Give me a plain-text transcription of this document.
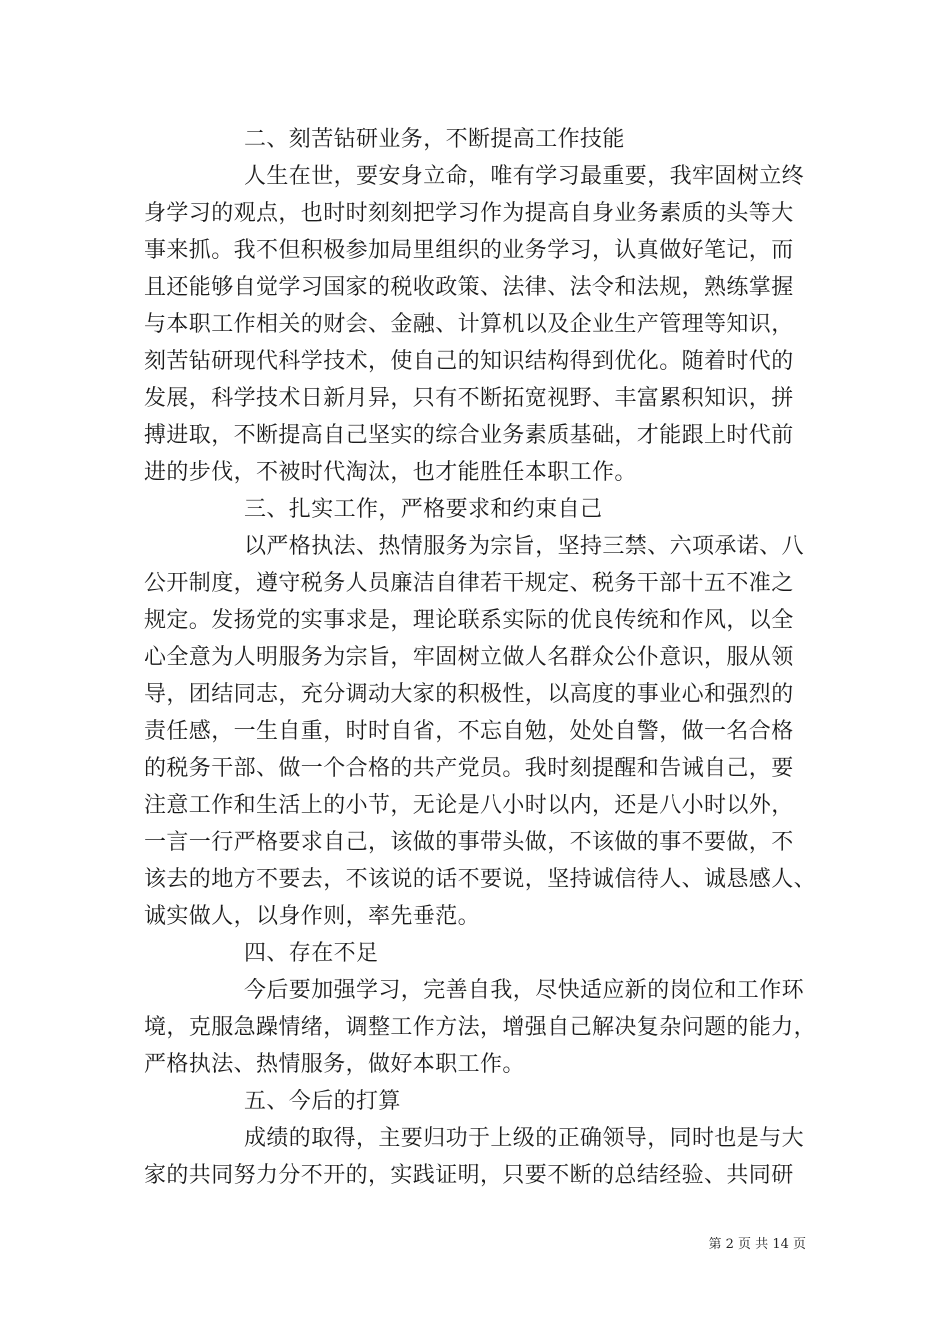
二、刻苦钻研业务，不断提高工作技能
人生在世，要安身立命，唯有学习最重要，我牢固树立终
身学习的观点，也时时刻刻把学习作为提高自身业务素质的头等大
事来抓。我不但积极参加局里组织的业务学习，认真做好笔记，而
且还能够自觉学习国家的税收政策、法律、法令和法规，熟练掌握
与本职工作相关的财会、金融、计算机以及企业生产管理等知识，
刻苦钻研现代科学技术，使自己的知识结构得到优化。随着时代的
发展，科学技术日新月异，只有不断拓宽视野、丰富累积知识，拼
搏进取，不断提高自己坚实的综合业务素质基础，才能跟上时代前
进的步伐，不被时代淘汰，也才能胜任本职工作。
三、扎实工作，严格要求和约束自己
以严格执法、热情服务为宗旨，坚持三禁、六项承诺、八
公开制度，遵守税务人员廉洁自律若干规定、税务干部十五不准之
规定。发扬党的实事求是，理论联系实际的优良传统和作风，以全
心全意为人明服务为宗旨，牢固树立做人名群众公仆意识，服从领
导，团结同志，充分调动大家的积极性，以高度的事业心和强烈的
责任感，一生自重，时时自省，不忘自勉，处处自警，做一名合格
的税务干部、做一个合格的共产党员。我时刻提醒和告诫自己，要
注意工作和生活上的小节，无论是八小时以内，还是八小时以外，
一言一行严格要求自己，该做的事带头做，不该做的事不要做，不
该去的地方不要去，不该说的话不要说，坚持诚信待人、诚恳感人、
诚实做人，以身作则，率先垂范。
四、存在不足
今后要加强学习，完善自我，尽快适应新的岗位和工作环
境，克服急躁情绪，调整工作方法，增强自己解决复杂问题的能力，
严格执法、热情服务，做好本职工作。
五、今后的打算
成绩的取得，主要归功于上级的正确领导，同时也是与大
家的共同努力分不开的，实践证明，只要不断的总结经验、共同研
第 2 页 共 14 页
